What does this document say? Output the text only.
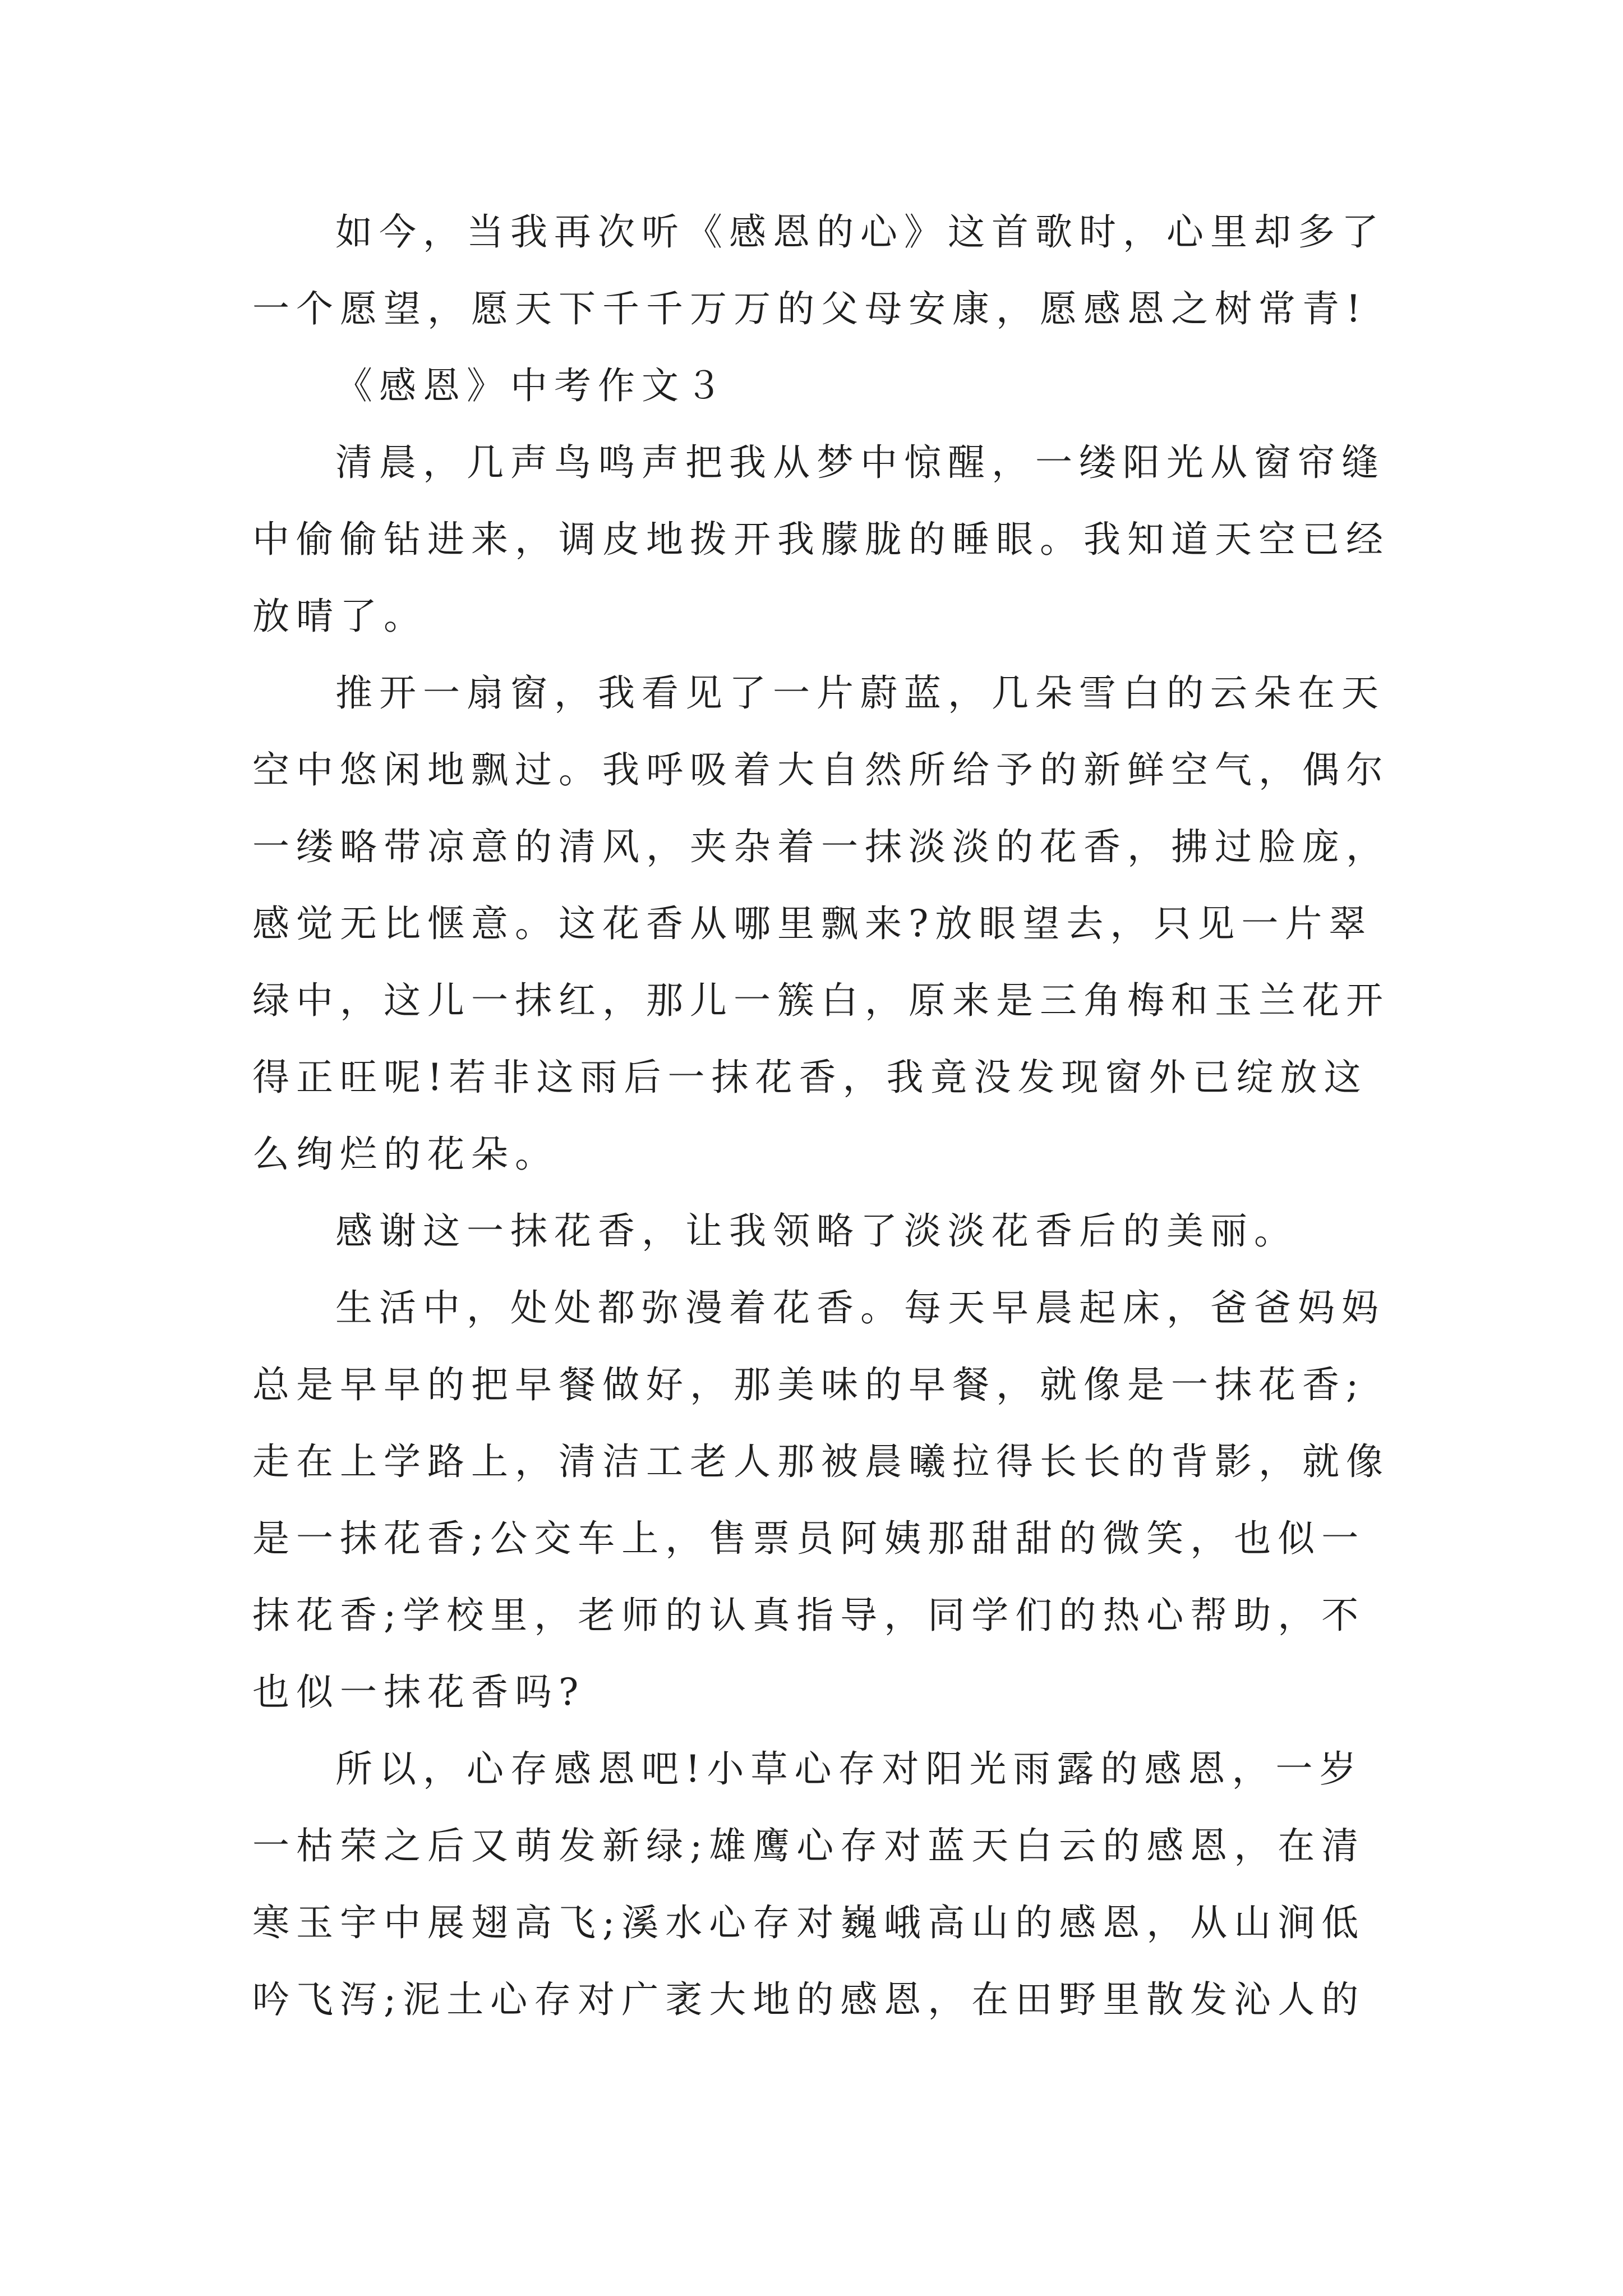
如今，当我再次听《感恩的心》这首歌时，心里却多了
一个愿望，愿天下千千万万的父母安康，愿感恩之树常青!
《感恩》中考作文３
清晨，几声鸟鸣声把我从梦中惊醒，一缕阳光从窗帘缝
中偷偷钻进来，调皮地拨开我朦胧的睡眼。我知道天空已经
放晴了。
推开一扇窗，我看见了一片蔚蓝，几朵雪白的云朵在天
空中悠闲地飘过。我呼吸着大自然所给予的新鲜空气，偶尔
一缕略带凉意的清风，夹杂着一抹淡淡的花香，拂过脸庞，
感觉无比惬意。这花香从哪里飘来?放眼望去，只见一片翠
绿中，这儿一抹红，那儿一簇白，原来是三角梅和玉兰花开
得正旺呢!若非这雨后一抹花香，我竟没发现窗外已绽放这
么绚烂的花朵。
感谢这一抹花香，让我领略了淡淡花香后的美丽。
生活中，处处都弥漫着花香。每天早晨起床，爸爸妈妈
总是早早的把早餐做好，那美味的早餐，就像是一抹花香;
走在上学路上，清洁工老人那被晨曦拉得长长的背影，就像
是一抹花香;公交车上，售票员阿姨那甜甜的微笑，也似一
抹花香;学校里，老师的认真指导，同学们的热心帮助，不
也似一抹花香吗?
所以，心存感恩吧!小草心存对阳光雨露的感恩，一岁
一枯荣之后又萌发新绿;雄鹰心存对蓝天白云的感恩，在清
寒玉宇中展翅高飞;溪水心存对巍峨高山的感恩，从山涧低
吟飞泻;泥土心存对广袤大地的感恩，在田野里散发沁人的
